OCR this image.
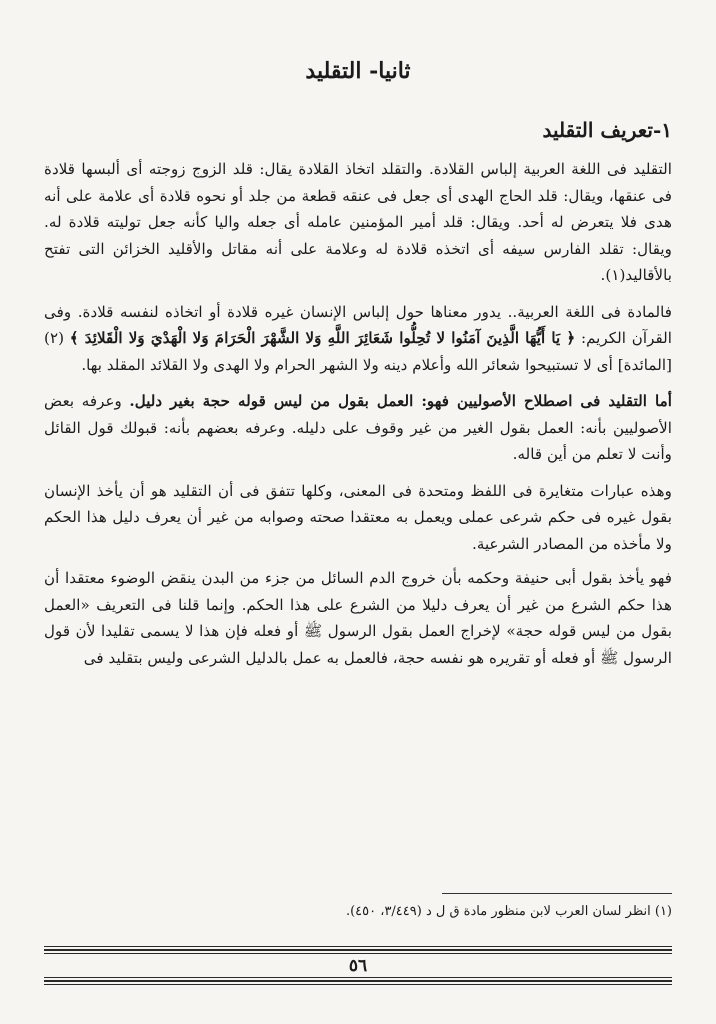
ثانيا- التقليد
١-تعريف التقليد

التقليد فى اللغة العربية إلباس القلادة. والتقلد اتخاذ القلادة يقال: قلد الزوج زوجته أى ألبسها قلادة فى عنقها، ويقال: قلد الحاج الهدى أى جعل فى عنقه قطعة من جلد أو نحوه قلادة أى علامة على أنه هدى فلا يتعرض له أحد. ويقال: قلد أمير المؤمنين عامله أى جعله واليا كأنه جعل توليته قلادة له. ويقال: تقلد الفارس سيفه أى اتخذه قلادة له وعلامة على أنه مقاتل والأقليد الخزائن التى تفتح بالأقاليد(١).

فالمادة فى اللغة العربية.. يدور معناها حول إلباس الإنسان غيره قلادة أو اتخاذه لنفسه قلادة. وفى القرآن الكريم: ﴿ يَا أَيُّهَا الَّذِينَ آمَنُوا لا تُحِلُّوا شَعَائِرَ اللَّهِ وَلا الشَّهْرَ الْحَرَامَ وَلا الْهَدْيَ وَلا الْقَلائِدَ ﴾ (٢) [المائدة] أى لا تستبيحوا شعائر الله وأعلام دينه ولا الشهر الحرام ولا الهدى ولا القلائد المقلد بها.

أما التقليد فى اصطلاح الأصوليين فهو: العمل بقول من ليس قوله حجة بغير دليل. وعرفه بعض الأصوليين بأنه: العمل بقول الغير من غير وقوف على دليله. وعرفه بعضهم بأنه: قبولك قول القائل وأنت لا تعلم من أين قاله.

وهذه عبارات متغايرة فى اللفظ ومتحدة فى المعنى، وكلها تتفق فى أن التقليد هو أن يأخذ الإنسان بقول غيره فى حكم شرعى عملى ويعمل به معتقدا صحته وصوابه من غير أن يعرف دليل هذا الحكم ولا مأخذه من المصادر الشرعية.

فهو يأخذ بقول أبى حنيفة وحكمه بأن خروج الدم السائل من جزء من البدن ينقض الوضوء معتقدا أن هذا حكم الشرع من غير أن يعرف دليلا من الشرع على هذا الحكم. وإنما قلنا فى التعريف «العمل بقول من ليس قوله حجة» لإخراج العمل بقول الرسول ﷺ أو فعله فإن هذا لا يسمى تقليدا لأن قول الرسول ﷺ أو فعله أو تقريره هو نفسه حجة، فالعمل به عمل بالدليل الشرعى وليس بتقليد فى

(١) انظر لسان العرب لابن منظور مادة ق ل د (٣/٤٤٩، ٤٥٠).

٥٦
